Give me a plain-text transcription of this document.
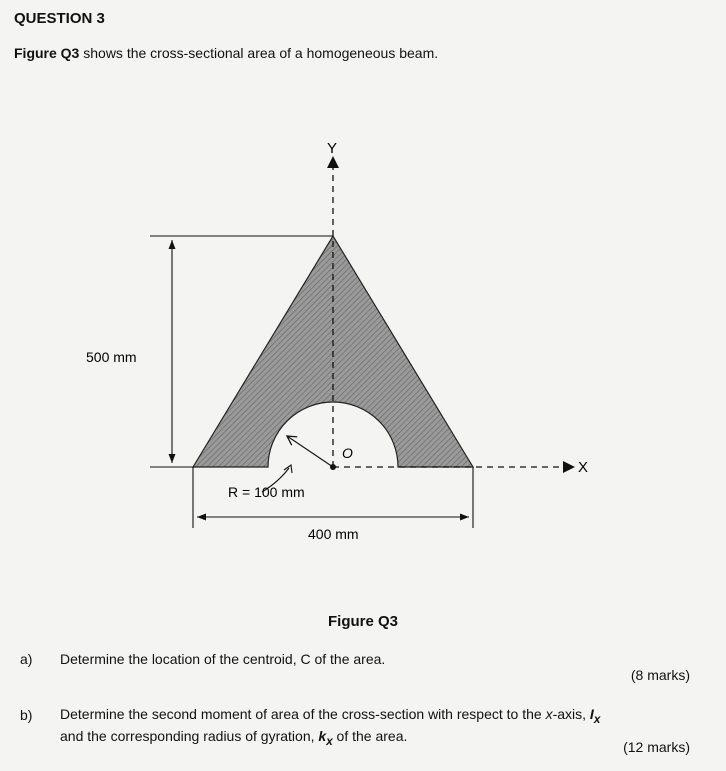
QUESTION 3
Figure Q3 shows the cross-sectional area of a homogeneous beam.
Y
X
O
R = 100 mm
500 mm
400 mm
Figure Q3
a) Determine the location of the centroid, C of the area.
(8 marks)
b) Determine the second moment of area of the cross-section with respect to the x-axis, $I_x$
and the corresponding radius of gyration, $k_x$ of the area.
(12 marks)
